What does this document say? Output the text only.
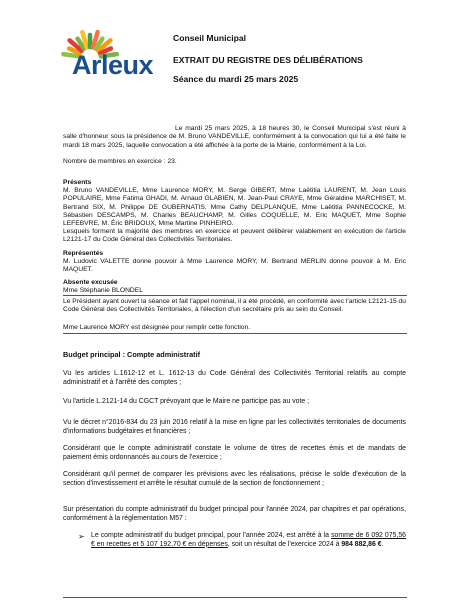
Arleux
Conseil Municipal
EXTRAIT DU REGISTRE DES DÉLIBÉRATIONS
Séance du mardi 25 mars 2025
Le mardi 25 mars 2025, à 18 heures 30, le Conseil Municipal s'est réuni à salle d'honneur sous la présidence de M. Bruno VANDEVILLE, conformément à la convocation qui lui a été faite le mardi 18 mars 2025, laquelle convocation a été affichée à la porte de la Mairie, conformément à la Loi.
Nombre de membres en exercice : 23.
Présents
M. Bruno VANDEVILLE, Mme Laurence MORY, M. Serge GIBERT, Mme Laëtitia LAURENT, M. Jean Louis POPULAIRE, Mme Fatima GHADI, M. Arnaud GLABIEN, M. Jean-Paul CRAYE, Mme Géraldine MARCHISET, M. Bertrand SIX, M. Philippe DE GUBERNATIS, Mme Cathy DELPLANQUE, Mme Laëtitia PANNECOCKE, M. Sébastien DESCAMPS, M. Charles BEAUCHAMP, M. Gilles COQUELLE, M. Eric MAQUET, Mme Sophie LEFEBVRE, M. Éric BRIDOUX, Mme Martine PINHEIRO.
Lesquels forment la majorité des membres en exercice et peuvent délibérer valablement en exécution de l'article L2121-17 du Code Général des Collectivités Territoriales.
Représentés
M. Ludovic VALETTE donne pouvoir à Mme Laurence MORY, M. Bertrand MERLIN donne pouvoir à M. Eric MAQUET.
Absente excusée
Mme Stéphanie BLONDEL
Le Président ayant ouvert la séance et fait l'appel nominal, il a été procédé, en conformité avec l'article L2121-15 du Code Général des Collectivités Territoriales, à l'élection d'un secrétaire pris au sein du Conseil.
Mme Laurence MORY est désignée pour remplir cette fonction.
Budget principal : Compte administratif
Vu les articles L.1612-12 et L. 1612-13 du Code Général des Collectivités Territorial relatifs au compte administratif et à l'arrêté des comptes ;
Vu l'article L.2121-14 du CGCT prévoyant que le Maire ne participe pas au vote ;
Vu le décret n°2016-834 du 23 juin 2016 relatif à la mise en ligne par les collectivités territoriales de documents d'informations budgétaires et financières ;
Considérant que le compte administratif constate le volume de titres de recettes émis et de mandats de paiement émis ordonnancés au cours de l'exercice ;
Considérant qu'il permet de comparer les prévisions avec les réalisations, précise le solde d'exécution de la section d'investissement et arrête le résultat cumulé de la section de fonctionnement ;
Sur présentation du compte administratif du budget principal pour l'année 2024, par chapitres et par opérations, conformément à la réglementation M57 :
➢ Le compte administratif du budget principal, pour l'année 2024, est arrêté à la somme de 6 092 075,56 € en recettes et 5 107 192,70 € en dépenses, soit un résultat de l'exercice 2024 à 984 882,86 €.
